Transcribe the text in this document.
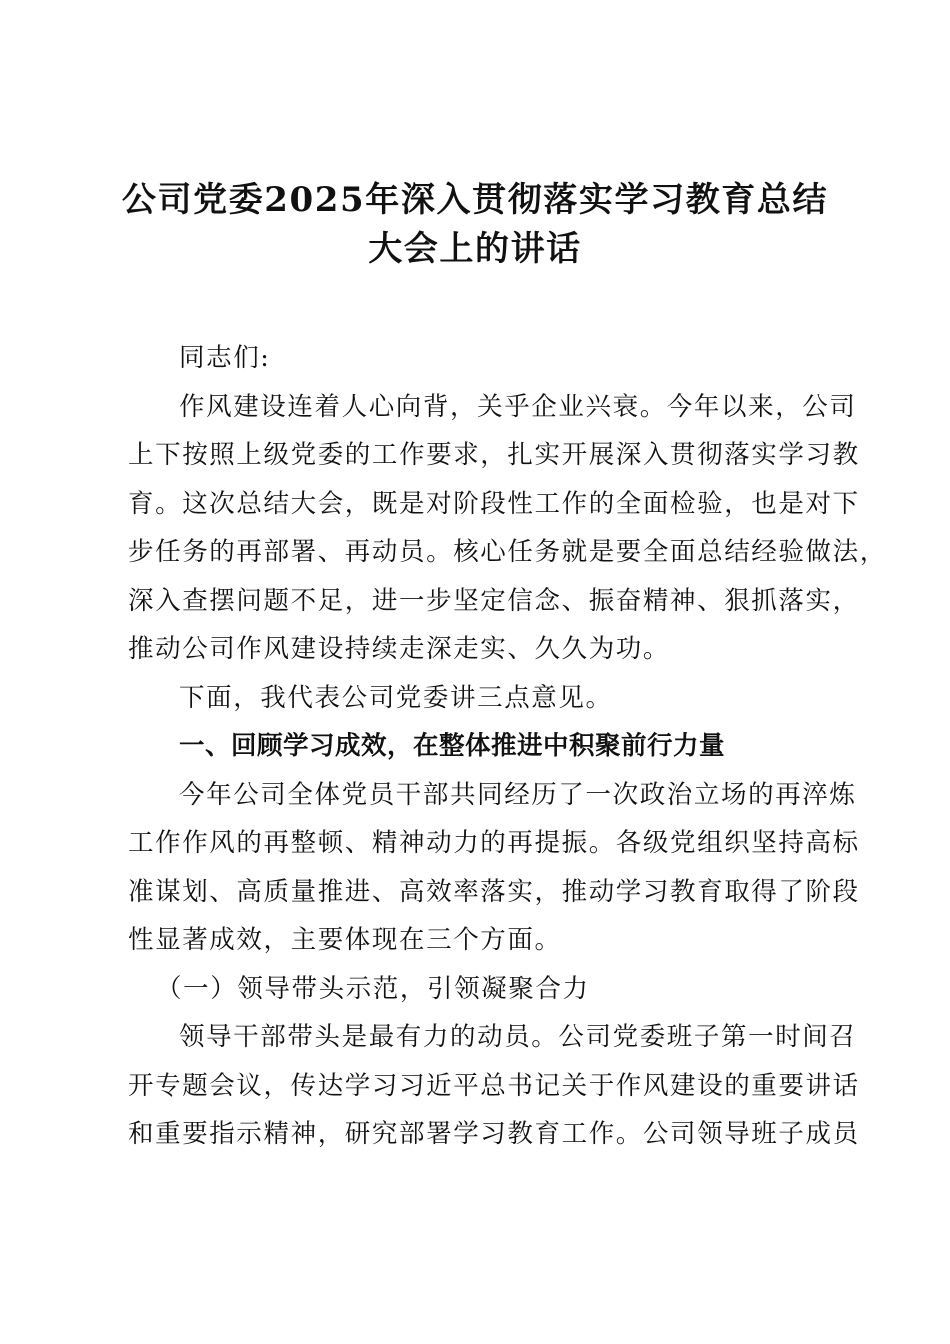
公司党委2025年深入贯彻落实学习教育总结
大会上的讲话
同志们:
作风建设连着人心向背，关乎企业兴衰。今年以来，公司
上下按照上级党委的工作要求，扎实开展深入贯彻落实学习教
育。这次总结大会，既是对阶段性工作的全面检验，也是对下
步任务的再部署、再动员。核心任务就是要全面总结经验做法，
深入查摆问题不足，进一步坚定信念、振奋精神、狠抓落实，
推动公司作风建设持续走深走实、久久为功。
下面，我代表公司党委讲三点意见。
一、回顾学习成效，在整体推进中积聚前行力量
今年公司全体党员干部共同经历了一次政治立场的再淬炼
工作作风的再整顿、精神动力的再提振。各级党组织坚持高标
准谋划、高质量推进、高效率落实，推动学习教育取得了阶段
性显著成效，主要体现在三个方面。
（一）领导带头示范，引领凝聚合力
领导干部带头是最有力的动员。公司党委班子第一时间召
开专题会议，传达学习习近平总书记关于作风建设的重要讲话
和重要指示精神，研究部署学习教育工作。公司领导班子成员
